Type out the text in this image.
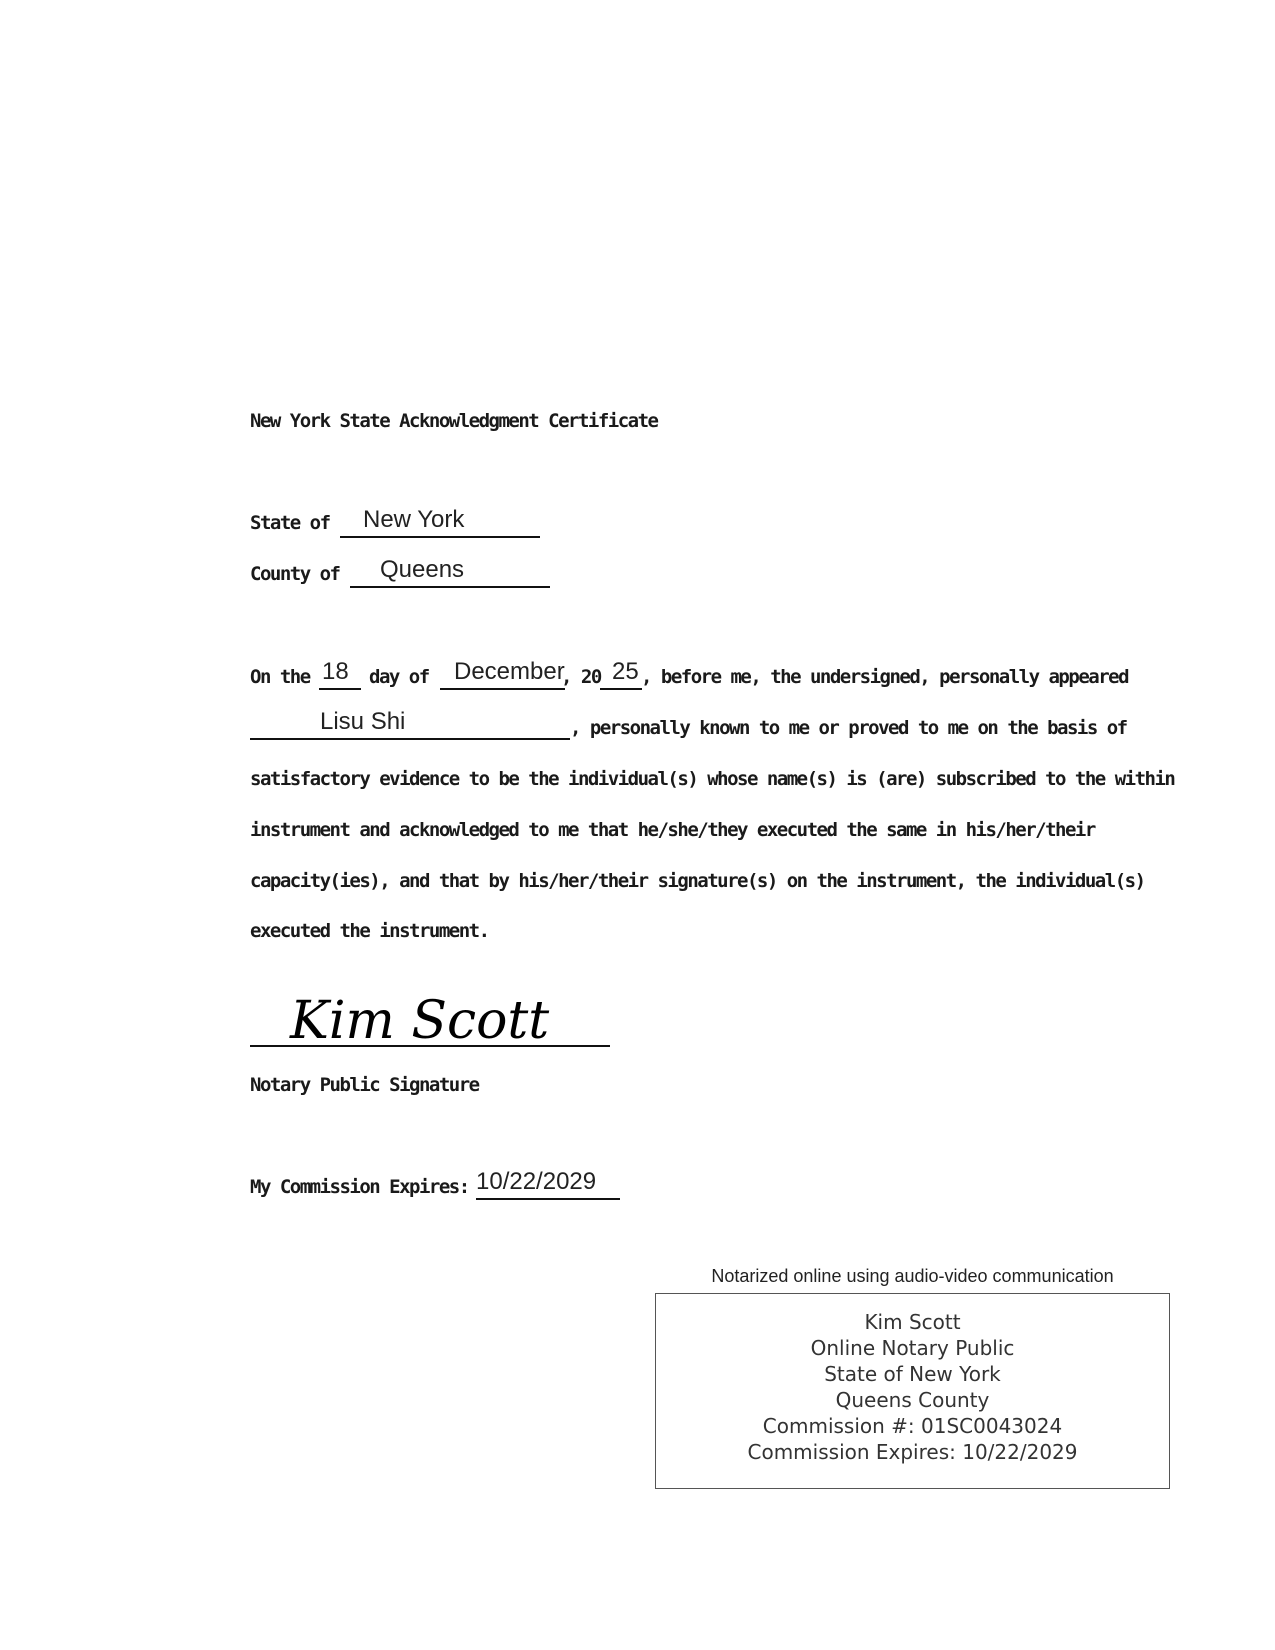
New York State Acknowledgment Certificate
State of New York
County of Queens
On the 18 day of December
, 20 25 , before me, the undersigned, personally appeared
Lisu Shi	, personally known to me or proved to me on the basis of
satisfactory evidence to be the individual(s) whose name(s) is (are) subscribed to the within
instrument and acknowledged to me that he/she/they executed the same in his/her/their
capacity(ies), and that by his/her/their signature(s) on the instrument, the individual(s)
executed the instrument.
Kim Scott
Notary Public Signature
My Commission Expires: 10/22/2029
Notarized online using audio-video communication
Kim Scott
Online Notary Public
State of New York
Queens County
Commission #: 01SC0043024
Commission Expires: 10/22/2029
